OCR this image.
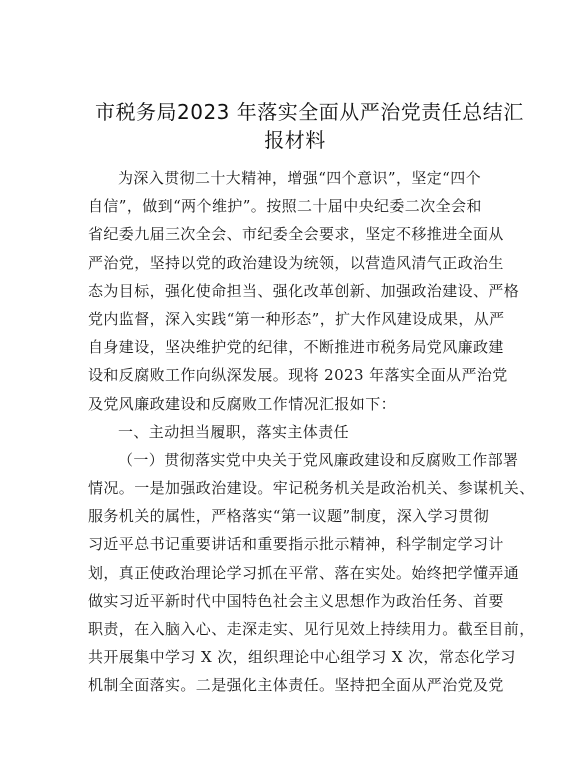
市税务局2023 年落实全面从严治党责任总结汇
报材料
为深入贯彻二十大精神，增强“四个意识”，坚定“四个
自信”，做到“两个维护”。按照二十届中央纪委二次全会和
省纪委九届三次全会、市纪委全会要求，坚定不移推进全面从
严治党，坚持以党的政治建设为统领，以营造风清气正政治生
态为目标，强化使命担当、强化改革创新、加强政治建设、严格
党内监督，深入实践“第一种形态”，扩大作风建设成果，从严
自身建设，坚决维护党的纪律，不断推进市税务局党风廉政建
设和反腐败工作向纵深发展。现将 2023 年落实全面从严治党
及党风廉政建设和反腐败工作情况汇报如下：
一、主动担当履职，落实主体责任
（一）贯彻落实党中央关于党风廉政建设和反腐败工作部署
情况。一是加强政治建设。牢记税务机关是政治机关、参谋机关、
服务机关的属性，严格落实“第一议题”制度，深入学习贯彻
习近平总书记重要讲话和重要指示批示精神，科学制定学习计
划，真正使政治理论学习抓在平常、落在实处。始终把学懂弄通
做实习近平新时代中国特色社会主义思想作为政治任务、首要
职责，在入脑入心、走深走实、见行见效上持续用力。截至目前，
共开展集中学习 X 次，组织理论中心组学习 X 次，常态化学习
机制全面落实。二是强化主体责任。坚持把全面从严治党及党
